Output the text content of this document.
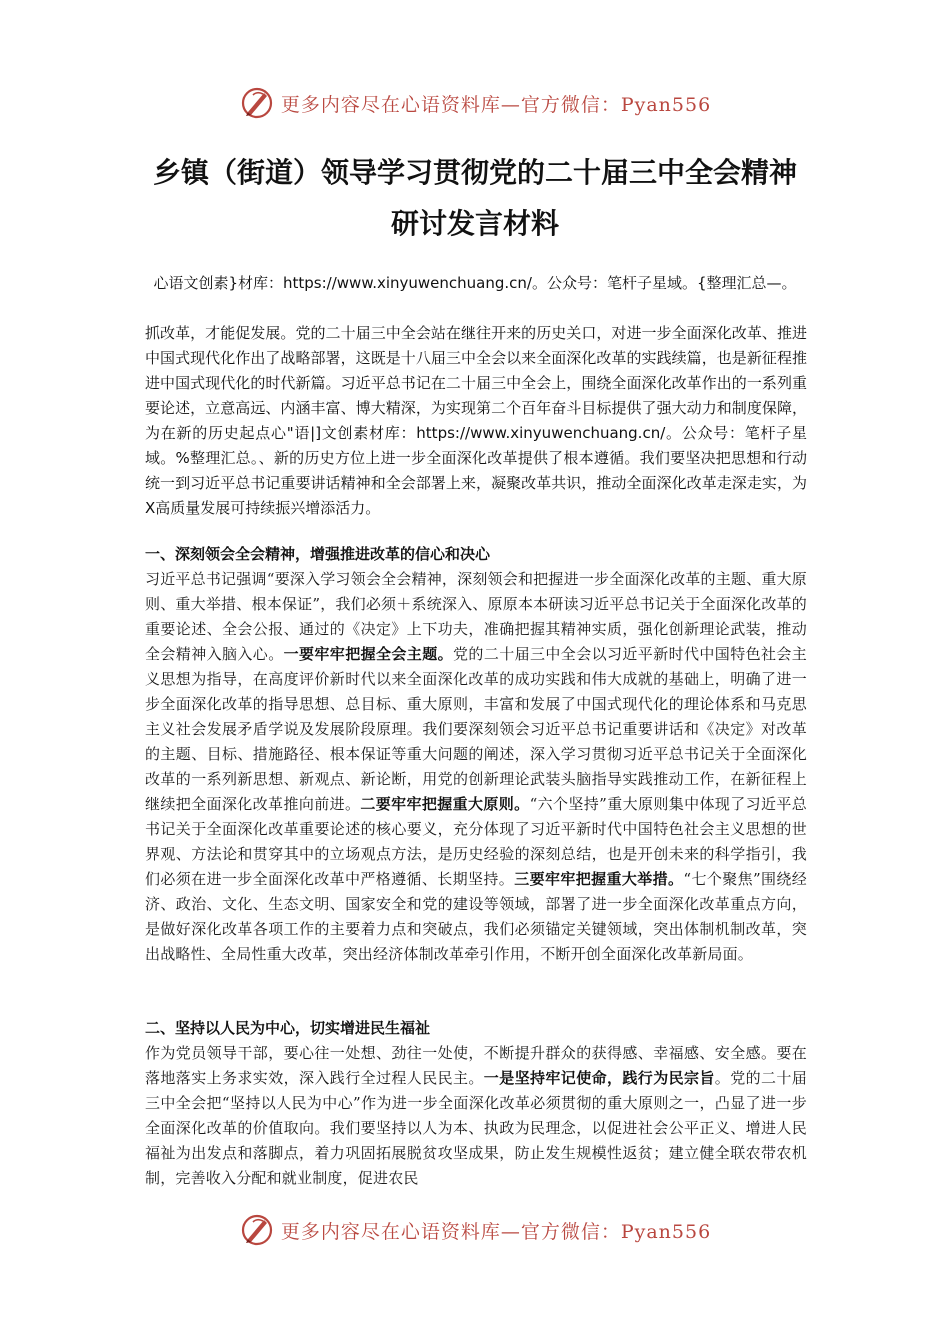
更多内容尽在心语资料库—官方微信：Pyan556
乡镇（街道）领导学习贯彻党的二十届三中全会精神
研讨发言材料
心语文创素}材库：https://www.xinyuwenchuang.cn/。公众号：笔杆子星域。{整理汇总—。
抓改革，才能促发展。党的二十届三中全会站在继往开来的历史关口，对进一步全面深化改革、推进中国式现代化作出了战略部署，这既是十八届三中全会以来全面深化改革的实践续篇，也是新征程推进中国式现代化的时代新篇。习近平总书记在二十届三中全会上，围绕全面深化改革作出的一系列重要论述，立意高远、内涵丰富、博大精深，为实现第二个百年奋斗目标提供了强大动力和制度保障，为在新的历史起点心"语|]文创素材库：https://www.xinyuwenchuang.cn/。公众号：笔杆子星域。%整理汇总。、新的历史方位上进一步全面深化改革提供了根本遵循。我们要坚决把思想和行动统一到习近平总书记重要讲话精神和全会部署上来，凝聚改革共识，推动全面深化改革走深走实，为X高质量发展可持续振兴增添活力。
一、深刻领会全会精神，增强推进改革的信心和决心
习近平总书记强调“要深入学习领会全会精神，深刻领会和把握进一步全面深化改革的主题、重大原则、重大举措、根本保证”，我们必须＋系统深入、原原本本研读习近平总书记关于全面深化改革的重要论述、全会公报、通过的《决定》上下功夫，准确把握其精神实质，强化创新理论武装，推动全会精神入脑入心。一要牢牢把握全会主题。党的二十届三中全会以习近平新时代中国特色社会主义思想为指导，在高度评价新时代以来全面深化改革的成功实践和伟大成就的基础上，明确了进一步全面深化改革的指导思想、总目标、重大原则，丰富和发展了中国式现代化的理论体系和马克思主义社会发展矛盾学说及发展阶段原理。我们要深刻领会习近平总书记重要讲话和《决定》对改革的主题、目标、措施路径、根本保证等重大问题的阐述，深入学习贯彻习近平总书记关于全面深化改革的一系列新思想、新观点、新论断，用党的创新理论武装头脑指导实践推动工作，在新征程上继续把全面深化改革推向前进。二要牢牢把握重大原则。“六个坚持”重大原则集中体现了习近平总书记关于全面深化改革重要论述的核心要义，充分体现了习近平新时代中国特色社会主义思想的世界观、方法论和贯穿其中的立场观点方法，是历史经验的深刻总结，也是开创未来的科学指引，我们必须在进一步全面深化改革中严格遵循、长期坚持。三要牢牢把握重大举措。“七个聚焦”围绕经济、政治、文化、生态文明、国家安全和党的建设等领域，部署了进一步全面深化改革重点方向，是做好深化改革各项工作的主要着力点和突破点，我们必须锚定关键领域，突出体制机制改革，突出战略性、全局性重大改革，突出经济体制改革牵引作用，不断开创全面深化改革新局面。
二、坚持以人民为中心，切实增进民生福祉
作为党员领导干部，要心往一处想、劲往一处使，不断提升群众的获得感、幸福感、安全感。要在落地落实上务求实效，深入践行全过程人民民主。一是坚持牢记使命，践行为民宗旨。党的二十届三中全会把“坚持以人民为中心”作为进一步全面深化改革必须贯彻的重大原则之一，凸显了进一步全面深化改革的价值取向。我们要坚持以人为本、执政为民理念，以促进社会公平正义、增进人民福祉为出发点和落脚点，着力巩固拓展脱贫攻坚成果，防止发生规模性返贫；建立健全联农带农机制，完善收入分配和就业制度，促进农民
更多内容尽在心语资料库—官方微信：Pyan556
